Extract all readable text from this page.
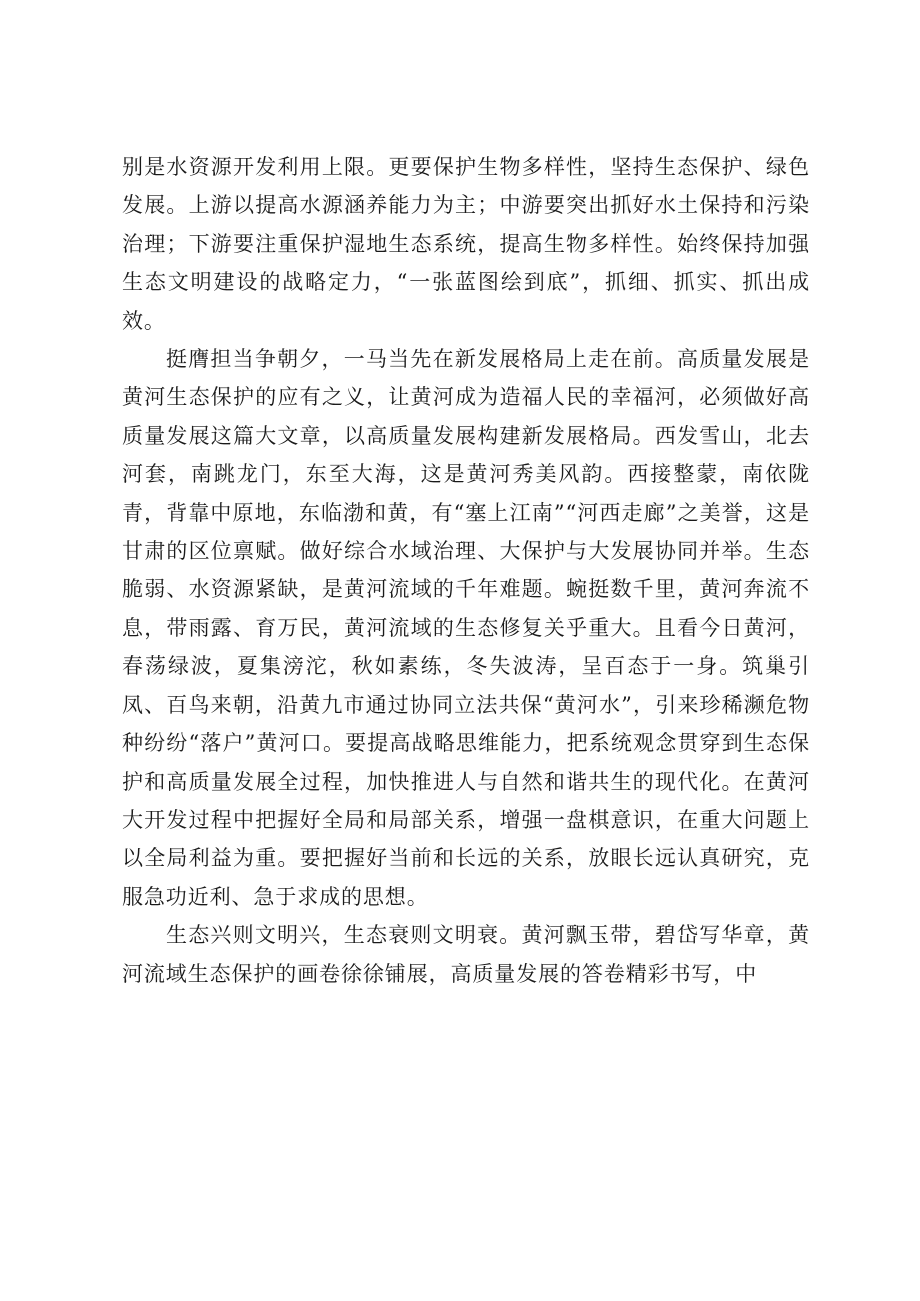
别是水资源开发利用上限。更要保护生物多样性，坚持生态保护、绿色发展。上游以提高水源涵养能力为主；中游要突出抓好水土保持和污染治理；下游要注重保护湿地生态系统，提高生物多样性。始终保持加强生态文明建设的战略定力，“一张蓝图绘到底”，抓细、抓实、抓出成效。

挺膺担当争朝夕，一马当先在新发展格局上走在前。高质量发展是黄河生态保护的应有之义，让黄河成为造福人民的幸福河，必须做好高质量发展这篇大文章，以高质量发展构建新发展格局。西发雪山，北去河套，南跳龙门，东至大海，这是黄河秀美风韵。西接整蒙，南依陇青，背靠中原地，东临渤和黄，有“塞上江南”“河西走廊”之美誉，这是甘肃的区位禀赋。做好综合水域治理、大保护与大发展协同并举。生态脆弱、水资源紧缺，是黄河流域的千年难题。蜿挺数千里，黄河奔流不息，带雨露、育万民，黄河流域的生态修复关乎重大。且看今日黄河，春荡绿波，夏集滂沱，秋如素练，冬失波涛，呈百态于一身。筑巢引凤、百鸟来朝，沿黄九市通过协同立法共保“黄河水”，引来珍稀濒危物种纷纷“落户”黄河口。要提高战略思维能力，把系统观念贯穿到生态保护和高质量发展全过程，加快推进人与自然和谐共生的现代化。在黄河大开发过程中把握好全局和局部关系，增强一盘棋意识，在重大问题上以全局利益为重。要把握好当前和长远的关系，放眼长远认真研究，克服急功近利、急于求成的思想。

生态兴则文明兴，生态衰则文明衰。黄河飘玉带，碧岱写华章，黄河流域生态保护的画卷徐徐铺展，高质量发展的答卷精彩书写，中
